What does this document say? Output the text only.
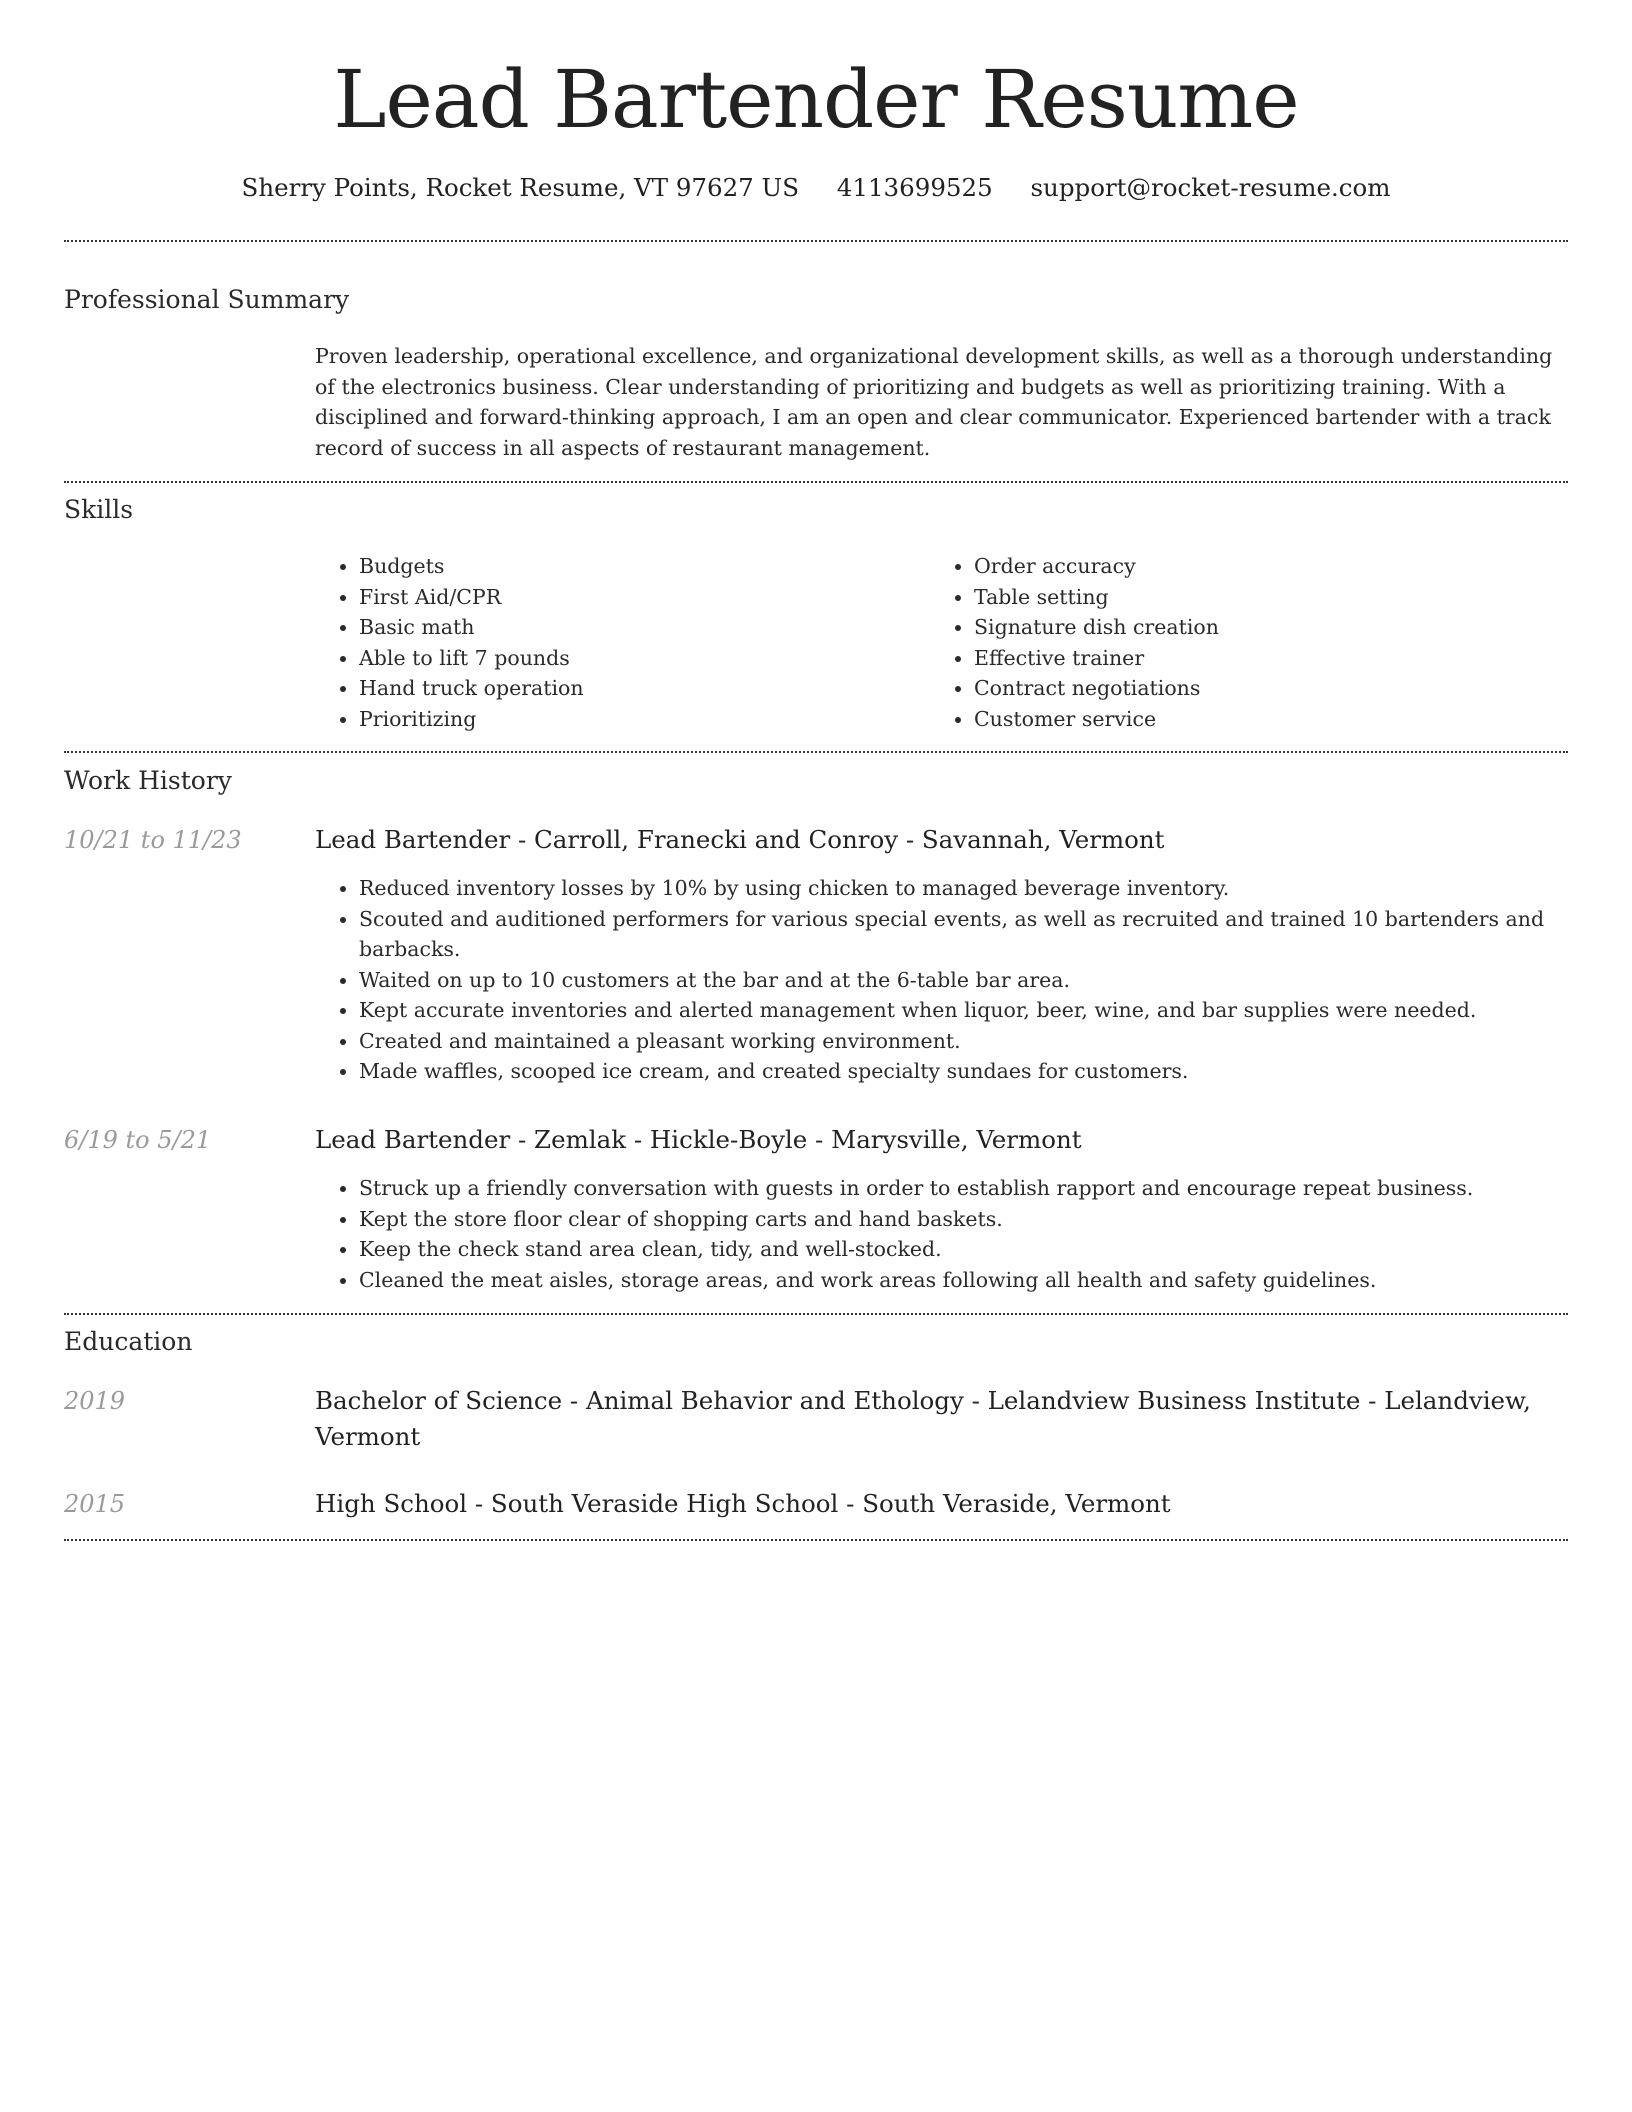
Lead Bartender Resume
Sherry Points, Rocket Resume, VT 97627 US 4113699525 support@rocket-resume.com
Professional Summary
Proven leadership, operational excellence, and organizational development skills, as well as a thorough understanding of the electronics business. Clear understanding of prioritizing and budgets as well as prioritizing training. With a disciplined and forward-thinking approach, I am an open and clear communicator. Experienced bartender with a track record of success in all aspects of restaurant management.
Skills
• Budgets
• First Aid/CPR
• Basic math
• Able to lift 7 pounds
• Hand truck operation
• Prioritizing
• Order accuracy
• Table setting
• Signature dish creation
• Effective trainer
• Contract negotiations
• Customer service
Work History
10/21 to 11/23	Lead Bartender - Carroll, Franecki and Conroy - Savannah, Vermont
• Reduced inventory losses by 10% by using chicken to managed beverage inventory.
• Scouted and auditioned performers for various special events, as well as recruited and trained 10 bartenders and barbacks.
• Waited on up to 10 customers at the bar and at the 6-table bar area.
• Kept accurate inventories and alerted management when liquor, beer, wine, and bar supplies were needed.
• Created and maintained a pleasant working environment.
• Made waffles, scooped ice cream, and created specialty sundaes for customers.
6/19 to 5/21	Lead Bartender - Zemlak - Hickle-Boyle - Marysville, Vermont
• Struck up a friendly conversation with guests in order to establish rapport and encourage repeat business.
• Kept the store floor clear of shopping carts and hand baskets.
• Keep the check stand area clean, tidy, and well-stocked.
• Cleaned the meat aisles, storage areas, and work areas following all health and safety guidelines.
Education
2019	Bachelor of Science - Animal Behavior and Ethology - Lelandview Business Institute - Lelandview, Vermont
2015	High School - South Veraside High School - South Veraside, Vermont
